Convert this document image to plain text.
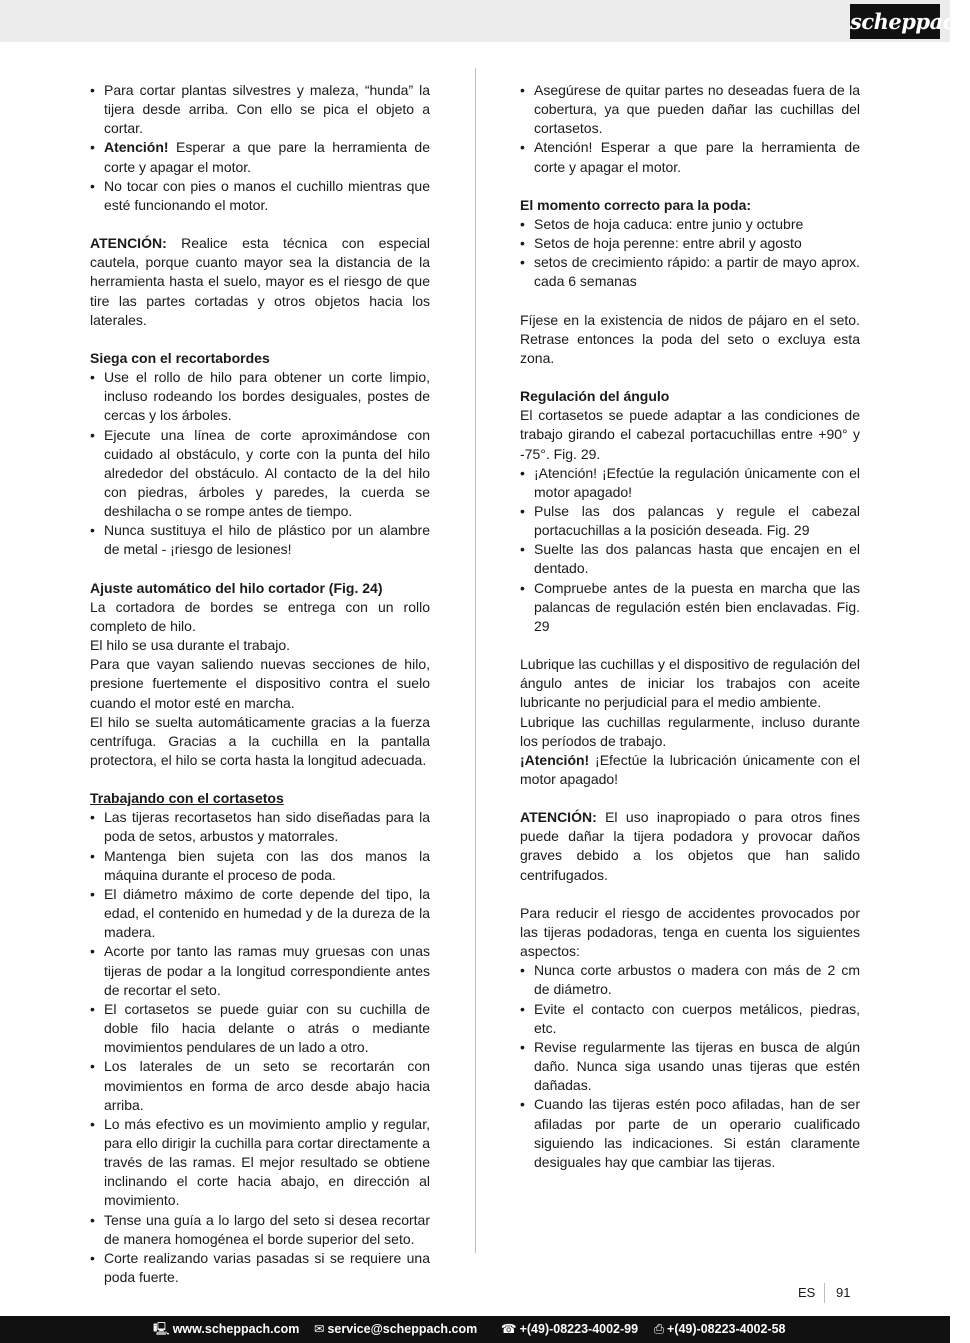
scheppach
• Para cortar plantas silvestres y maleza, “hunda” la tijera desde arriba. Con ello se pica el objeto a cortar.
• Atención! Esperar a que pare la herramienta de corte y apagar el motor.
• No tocar con pies o manos el cuchillo mientras que esté funcionando el motor.

ATENCIÓN: Realice esta técnica con especial cautela, porque cuanto mayor sea la distancia de la herramienta hasta el suelo, mayor es el riesgo de que tire las partes cortadas y otros objetos hacia los laterales.

Siega con el recortabordes
• Use el rollo de hilo para obtener un corte limpio, incluso rodeando los bordes desiguales, postes de cercas y los árboles.
• Ejecute una línea de corte aproximándose con cuidado al obstáculo, y corte con la punta del hilo alrededor del obstáculo. Al contacto de la del hilo con piedras, árboles y paredes, la cuerda se deshilacha o se rompe antes de tiempo.
• Nunca sustituya el hilo de plástico por un alambre de metal - ¡riesgo de lesiones!
Ajuste automático del hilo cortador (Fig. 24)

La cortadora de bordes se entrega con un rollo completo de hilo.

El hilo se usa durante el trabajo.

Para que vayan saliendo nuevas secciones de hilo, presione fuertemente el dispositivo contra el suelo cuando el motor esté en marcha.

El hilo se suelta automáticamente gracias a la fuerza centrífuga. Gracias a la cuchilla en la pantalla protectora, el hilo se corta hasta la longitud adecuada.

Trabajando con el cortasetos
• Las tijeras recortasetos han sido diseñadas para la poda de setos, arbustos y matorrales.
• Mantenga bien sujeta con las dos manos la máquina durante el proceso de poda.
• El diámetro máximo de corte depende del tipo, la edad, el contenido en humedad y de la dureza de la madera.
• Acorte por tanto las ramas muy gruesas con unas tijeras de podar a la longitud correspondiente antes de recortar el seto.
• El cortasetos se puede guiar con su cuchilla de doble filo hacia delante o atrás o mediante movimientos pendulares de un lado a otro.
• Los laterales de un seto se recortarán con movimientos en forma de arco desde abajo hacia arriba.
• Lo más efectivo es un movimiento amplio y regular, para ello dirigir la cuchilla para cortar directamente a través de las ramas. El mejor resultado se obtiene inclinando el corte hacia abajo, en dirección al movimiento.
• Tense una guía a lo largo del seto si desea recortar de manera homogénea el borde superior del seto.
• Corte realizando varias pasadas si se requiere una poda fuerte.
• Asegúrese de quitar partes no deseadas fuera de la cobertura, ya que pueden dañar las cuchillas del cortasetos.
• Atención! Esperar a que pare la herramienta de corte y apagar el motor.
El momento correcto para la poda:
• Setos de hoja caduca: entre junio y octubre
• Setos de hoja perenne: entre abril y agosto
• setos de crecimiento rápido: a partir de mayo aprox. cada 6 semanas

Fíjese en la existencia de nidos de pájaro en el seto. Retrase entonces la poda del seto o excluya esta zona.

Regulación del ángulo

El cortasetos se puede adaptar a las condiciones de trabajo girando el cabezal portacuchillas entre +90° y -75°. Fig. 29.

• ¡Atención! ¡Efectúe la regulación únicamente con el motor apagado!
• Pulse las dos palancas y regule el cabezal portacuchillas a la posición deseada. Fig. 29
• Suelte las dos palancas hasta que encajen en el dentado.
• Compruebe antes de la puesta en marcha que las palancas de regulación estén bien enclavadas. Fig. 29

Lubrique las cuchillas y el dispositivo de regulación del ángulo antes de iniciar los trabajos con aceite lubricante no perjudicial para el medio ambiente.

Lubrique las cuchillas regularmente, incluso durante los períodos de trabajo.

¡Atención! ¡Efectúe la lubricación únicamente con el motor apagado!

ATENCIÓN: El uso inapropiado o para otros fines puede dañar la tijera podadora y provocar daños graves debido a los objetos que han salido centrifugados.

Para reducir el riesgo de accidentes provocados por las tijeras podadoras, tenga en cuenta los siguientes aspectos:

• Nunca corte arbustos o madera con más de 2 cm de diámetro.
• Evite el contacto con cuerpos metálicos, piedras, etc.
• Revise regularmente las tijeras en busca de algún daño. Nunca siga usando unas tijeras que estén dañadas.
• Cuando las tijeras estén poco afiladas, han de ser afiladas por parte de un operario cualificado siguiendo las indicaciones. Si están claramente desiguales hay que cambiar las tijeras.
ES 91
🖳 www.scheppach.com ✉ service@scheppach.com ☎ +(49)-08223-4002-99 ⎙ +(49)-08223-4002-58
